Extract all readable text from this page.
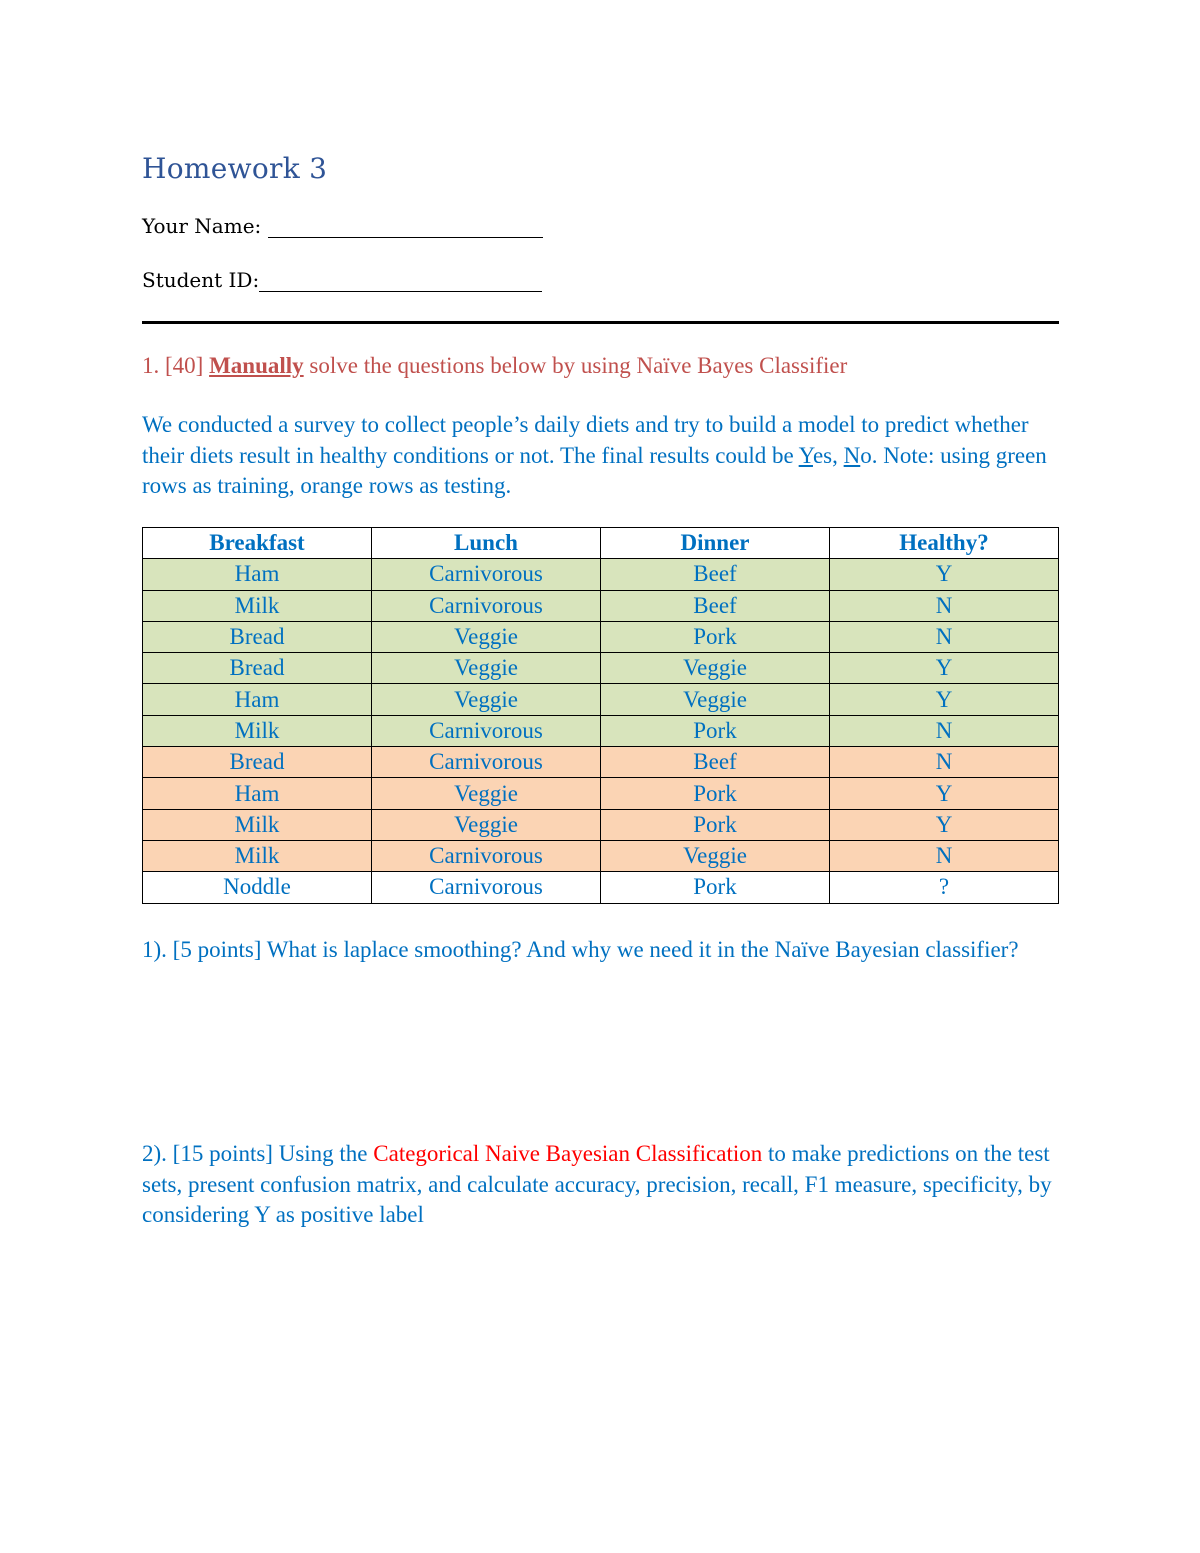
Homework 3
Your Name:
Student ID:
1. [40] Manually solve the questions below by using Naïve Bayes Classifier
We conducted a survey to collect people’s daily diets and try to build a model to predict whether their diets result in healthy conditions or not. The final results could be Yes, No. Note: using green rows as training, orange rows as testing.
Breakfast	Lunch	Dinner	Healthy?
Ham	Carnivorous	Beef	Y
Milk	Carnivorous	Beef	N
Bread	Veggie	Pork	N
Bread	Veggie	Veggie	Y
Ham	Veggie	Veggie	Y
Milk	Carnivorous	Pork	N
Bread	Carnivorous	Beef	N
Ham	Veggie	Pork	Y
Milk	Veggie	Pork	Y
Milk	Carnivorous	Veggie	N
Noddle	Carnivorous	Pork	?
1). [5 points] What is laplace smoothing? And why we need it in the Naïve Bayesian classifier?
2). [15 points] Using the Categorical Naive Bayesian Classification to make predictions on the test sets, present confusion matrix, and calculate accuracy, precision, recall, F1 measure, specificity, by considering Y as positive label
